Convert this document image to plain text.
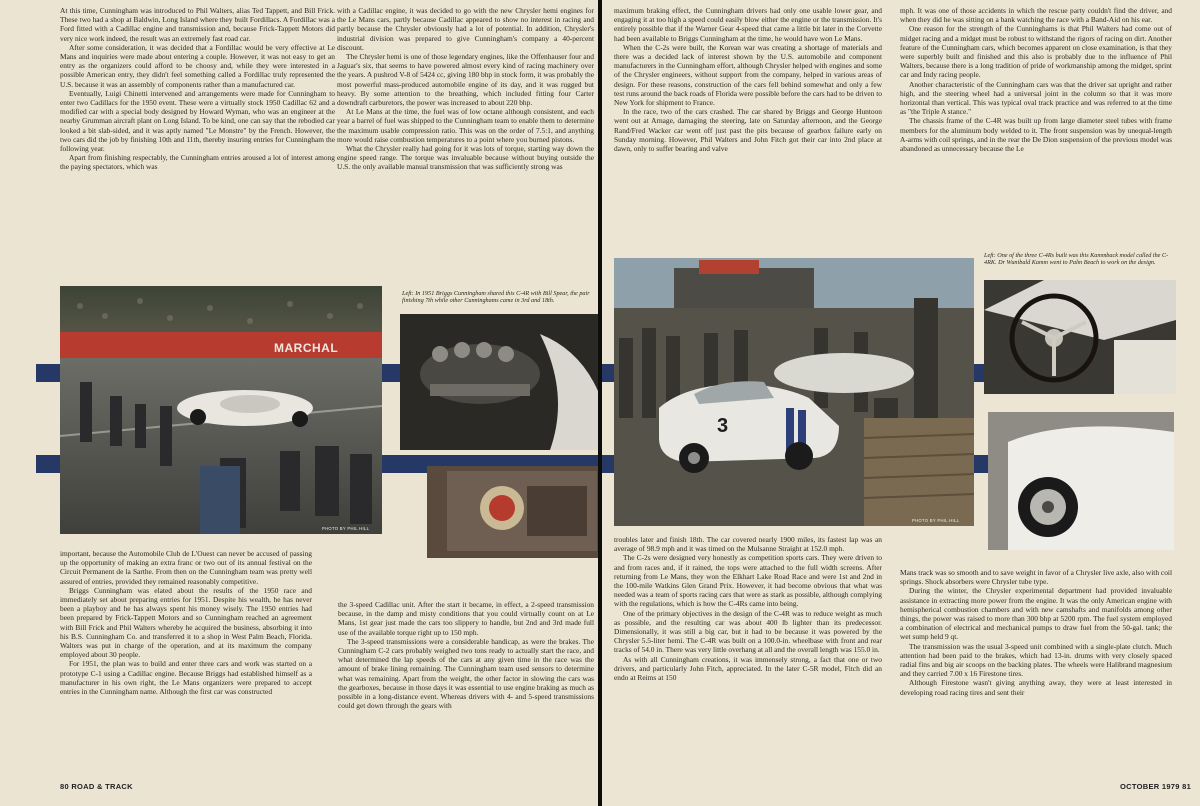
At this time, Cunningham was introduced to Phil Walters, alias Ted Tappett, and Bill Frick. These two had a shop at Baldwin, Long Island where they built Fordillacs. A Fordillac was a Ford fitted with a Cadillac engine and transmission and, because Frick-Tappett Motors did very nice work indeed, the result was an extremely fast road car.

After some consideration, it was decided that a Fordillac would be very effective at Le Mans and inquiries were made about entering a couple. However, it was not easy to get an entry as the organizers could afford to be choosy and, while they were interested in a possible American entry, they didn't feel something called a Fordillac truly represented the U.S. because it was an assembly of components rather than a manufactured car.

Eventually, Luigi Chinetti intervened and arrangements were made for Cunningham to enter two Cadillacs for the 1950 event. These were a virtually stock 1950 Cadillac 62 and a modified car with a special body designed by Howard Wyman, who was an engineer at the nearby Grumman aircraft plant on Long Island. To be kind, one can say that the rebodied car looked a bit slab-sided, and it was aptly named "Le Monstre" by the French. However, the two cars did the job by finishing 10th and 11th, thereby insuring entries for Cunningham the following year.

Apart from finishing respectably, the Cunningham entries aroused a lot of interest among the paying spectators, which was

with a Cadillac engine, it was decided to go with the new Chrysler hemi engines for the Le Mans cars, partly because Cadillac appeared to show no interest in racing and partly because the Chrysler obviously had a lot of potential. In addition, Chrysler's industrial division was prepared to give Cunningham's company a 40-percent discount.

The Chrysler hemi is one of those legendary engines, like the Offenhauser four and Jaguar's six, that seems to have powered almost every kind of racing machinery over the years. A pushrod V-8 of 5424 cc, giving 180 bhp in stock form, it was probably the most powerful mass-produced automobile engine of its day, and it was rugged but heavy. By some attention to the breathing, which included fitting four Carter downdraft carburetors, the power was increased to about 220 bhp.

At Le Mans at the time, the fuel was of low octane although consistent, and each year a barrel of fuel was shipped to the Cunningham team to enable them to determine the maximum usable compression ratio. This was on the order of 7.5:1, and anything more would raise combustion temperatures to a point where you burned pistons.

What the Chrysler really had going for it was lots of torque, starting way down the engine speed range. The torque was invaluable because without buying outside the U.S. the only available manual transmission that was sufficiently strong was

MARCHAL
PHOTO BY PHIL HILL
Left: In 1951 Briggs Cunningham shared this C-4R with Bill Spear, the pair finishing 7th while other Cunninghams came in 3rd and 18th.

important, because the Automobile Club de L'Ouest can never be accused of passing up the opportunity of making an extra franc or two out of its annual festival on the Circuit Permanent de la Sarthe. From then on the Cunningham team was pretty well assured of entries, provided they remained reasonably competitive.

Briggs Cunningham was elated about the results of the 1950 race and immediately set about preparing entries for 1951. Despite his wealth, he has never been a playboy and he has always spent his money wisely. The 1950 entries had been prepared by Frick-Tappett Motors and so Cunningham reached an agreement with Bill Frick and Phil Walters whereby he acquired the business, absorbing it into his B.S. Cunningham Co. and transferred it to a shop in West Palm Beach, Florida. Walters was put in charge of the operation, and at its maximum the company employed about 30 people.

For 1951, the plan was to build and enter three cars and work was started on a prototype C-1 using a Cadillac engine. Because Briggs had established himself as a manufacturer in his own right, the Le Mans organizers were prepared to accept entries in the Cunningham name. Although the first car was constructed

the 3-speed Cadillac unit. After the start it became, in effect, a 2-speed transmission because, in the damp and misty conditions that you could virtually count on at Le Mans, 1st gear just made the cars too slippery to handle, but 2nd and 3rd made full use of the available torque right up to 150 mph.

The 3-speed transmissions were a considerable handicap, as were the brakes. The Cunningham C-2 cars probably weighed two tons ready to actually start the race, and what determined the lap speeds of the cars at any given time in the race was the amount of brake lining remaining. The Cunningham team used sensors to determine what was remaining. Apart from the weight, the other factor in slowing the cars was the gearboxes, because in those days it was essential to use engine braking as much as possible in a long-distance event. Whereas drivers with 4- and 5-speed transmissions could get down through the gears with

80 ROAD & TRACK

maximum braking effect, the Cunningham drivers had only one usable lower gear, and engaging it at too high a speed could easily blow either the engine or the transmission. It's entirely possible that if the Warner Gear 4-speed that came a little bit later in the Corvette had been available to Briggs Cunningham at the time, he would have won Le Mans.

When the C-2s were built, the Korean war was creating a shortage of materials and there was a decided lack of interest shown by the U.S. automobile and component manufacturers in the Cunningham effort, although Chrysler helped with engines and some of the Chrysler engineers, without support from the company, helped in various areas of design. For these reasons, construction of the cars fell behind somewhat and only a few test runs around the back roads of Florida were possible before the cars had to be driven to New York for shipment to France.

In the race, two of the cars crashed. The car shared by Briggs and George Huntoon went out at Arnage, damaging the steering, late on Saturday afternoon, and the George Rand/Fred Wacker car went off just past the pits because of gearbox failure early on Sunday morning. However, Phil Walters and John Fitch got their car into 2nd place at dawn, only to suffer bearing and valve

mph. It was one of those accidents in which the rescue party couldn't find the driver, and when they did he was sitting on a bank watching the race with a Band-Aid on his ear.

One reason for the strength of the Cunninghams is that Phil Walters had come out of midget racing and a midget must be robust to withstand the rigors of racing on dirt. Another feature of the Cunningham cars, which becomes apparent on close examination, is that they were superbly built and finished and this also is probably due to the influence of Phil Walters, because there is a long tradition of pride of workmanship among the midget, sprint car and Indy racing people.

Another characteristic of the Cunningham cars was that the driver sat upright and rather high, and the steering wheel had a universal joint in the column so that it was more horizontal than vertical. This was typical oval track practice and was referred to at the time as "the Triple A stance."

The chassis frame of the C-4R was built up from large diameter steel tubes with frame members for the aluminum body welded to it. The front suspension was by unequal-length A-arms with coil springs, and in the rear the De Dion suspension of the previous model was abandoned as unnecessary because the Le

3
PHOTO BY PHIL HILL
Left: One of the three C-4Rs built was this Kammback model called the C-4RK. Dr Wunibald Kamm went to Palm Beach to work on the design.

troubles later and finish 18th. The car covered nearly 1900 miles, its fastest lap was an average of 98.9 mph and it was timed on the Mulsanne Straight at 152.0 mph.

The C-2s were designed very honestly as competition sports cars. They were driven to and from races and, if it rained, the tops were attached to the full width screens. After returning from Le Mans, they won the Elkhart Lake Road Race and were 1st and 2nd in the 100-mile Watkins Glen Grand Prix. However, it had become obvious that what was needed was a team of sports racing cars that were as stark as possible, although complying with the regulations, which is how the C-4Rs came into being.

One of the primary objectives in the design of the C-4R was to reduce weight as much as possible, and the resulting car was about 400 lb lighter than its predecessor. Dimensionally, it was still a big car, but it had to be because it was powered by the Chrysler 5.5-liter hemi. The C-4R was built on a 100.0-in. wheelbase with front and rear tracks of 54.0 in. There was very little overhang at all and the overall length was 155.0 in.

As with all Cunningham creations, it was immensely strong, a fact that one or two drivers, and particularly John Fitch, appreciated. In the later C-5R model, Fitch did an endo at Reims at 150

Mans track was so smooth and to save weight in favor of a Chrysler live axle, also with coil springs. Shock absorbers were Chrysler tube type.

During the winter, the Chrysler experimental department had provided invaluable assistance in extracting more power from the engine. It was the only American engine with hemispherical combustion chambers and with new camshafts and manifolds among other things, the power was raised to more than 300 bhp at 5200 rpm. The fuel system employed a combination of electrical and mechanical pumps to draw fuel from the 50-gal. tank; the wet sump held 9 qt.

The transmission was the usual 3-speed unit combined with a single-plate clutch. Much attention had been paid to the brakes, which had 13-in. drums with very closely spaced radial fins and big air scoops on the backing plates. The wheels were Halibrand magnesium and they carried 7.00 x 16 Firestone tires.

Although Firestone wasn't giving anything away, they were at least interested in developing road racing tires and sent their

OCTOBER 1979 81
